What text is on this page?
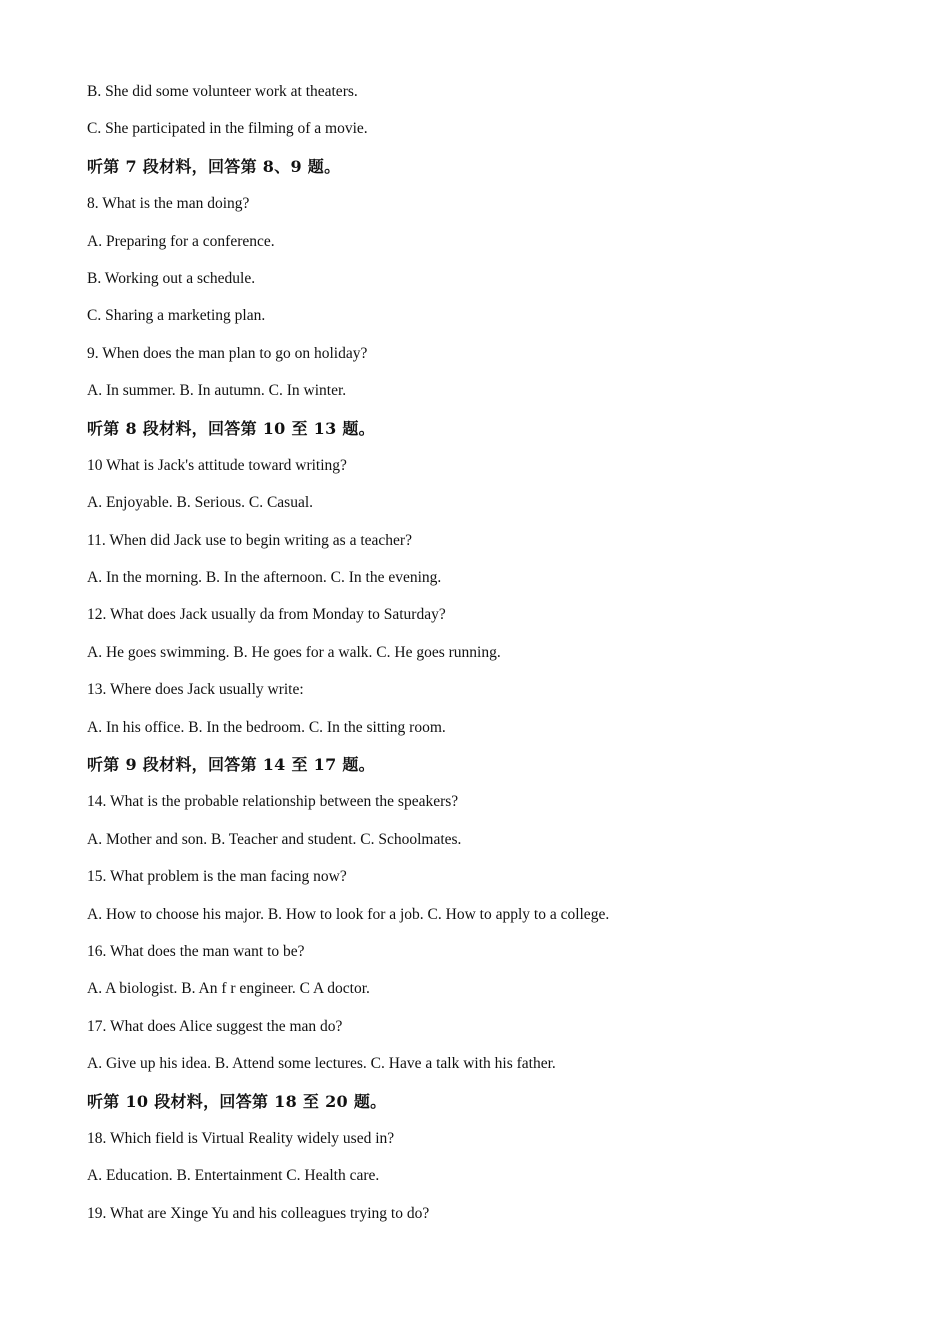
B. She did some volunteer work at theaters.
C. She participated in the filming of a movie.
听第 7 段材料，回答第 8、9 题。
8. What is the man doing?
A. Preparing for a conference.
B. Working out a schedule.
C. Sharing a marketing plan.
9. When does the man plan to go on holiday?
A. In summer. B. In autumn. C. In winter.
听第 8 段材料，回答第 10 至 13 题。
10 What is Jack's attitude toward writing?
A. Enjoyable. B. Serious. C. Casual.
11. When did Jack use to begin writing as a teacher?
A. In the morning. B. In the afternoon. C. In the evening.
12. What does Jack usually da from Monday to Saturday?
A. He goes swimming. B. He goes for a walk. C. He goes running.
13. Where does Jack usually write:
A. In his office. B. In the bedroom. C. In the sitting room.
听第 9 段材料，回答第 14 至 17 题。
14. What is the probable relationship between the speakers?
A. Mother and son. B. Teacher and student. C. Schoolmates.
15. What problem is the man facing now?
A. How to choose his major. B. How to look for a job. C. How to apply to a college.
16. What does the man want to be?
A. A biologist. B. An f r engineer. C A doctor.
17. What does Alice suggest the man do?
A. Give up his idea. B. Attend some lectures. C. Have a talk with his father.
听第 10 段材料，回答第 18 至 20 题。
18. Which field is Virtual Reality widely used in?
A. Education. B. Entertainment C. Health care.
19. What are Xinge Yu and his colleagues trying to do?
